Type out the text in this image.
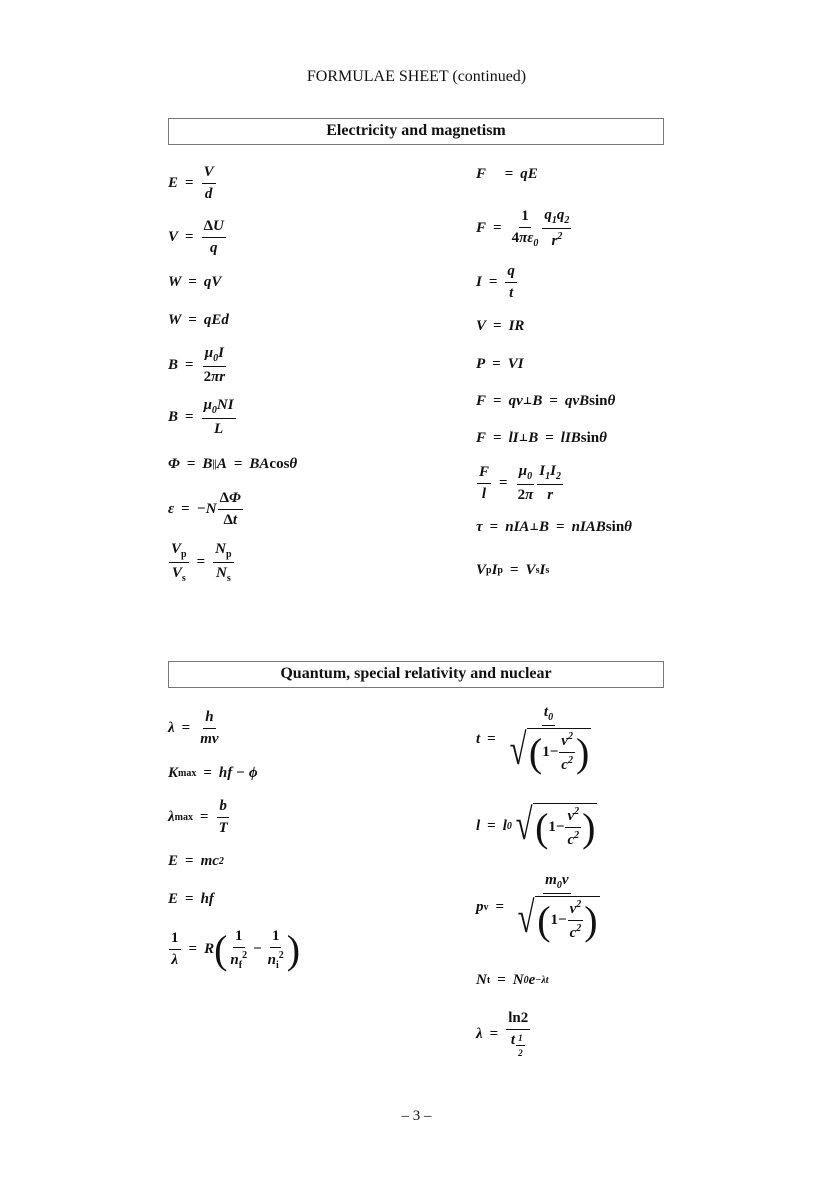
FORMULAE SHEET (continued)
Electricity and magnetism
$E = \frac{V}{d}$
$V = \frac{\Delta U}{q}$
W = qV
W = qEd
$B = \frac{\mu_0I}{2\pi r}$
$B = \frac{\mu_0NI}{L}$
Φ = B || A = BA cos θ
$\varepsilon = -N \frac{\Delta\Phi}{\Delta t}$
$\frac{V_p}{V_s} = \frac{N_p}{N_s}$
F⃗ = qE⃗
$F = \frac{1}{4\pi\varepsilon_0} \frac{q_1q_2}{r^2}$
$I = \frac{q}{t}$
V = IR
P = VI
F = qv ⊥ B = qvB sin θ
F = lI ⊥ B = lIB sin θ
$\frac{F}{l} = \frac{\mu_0}{2\pi} \frac{I_1I_2}{r}$
τ = nIA ⊥ B = nIAB sin θ
V p I p = V s I s
Quantum, special relativity and nuclear
$\lambda = \frac{h}{mv}$
K max = hf − ϕ
λ $\max = \frac{b}{T}$
E = mc 2
E = hf
$\frac{1}{\lambda} = R$ ( $\frac{1}{n_f^2} - \frac{1}{n_i^2}$ )
$t = \frac{t_0}{√ ( 1- \frac{v^2}{c^2} )}$
l = l 0 √ ( $1- \frac{v^2}{c^2}$ )
p $v = \frac{m_0v}{√ ( 1- \frac{v^2}{c^2} )}$
N t = N 0 e −λt
λ = ln2
t $_{\frac{1}{2}}$
– 3 –
